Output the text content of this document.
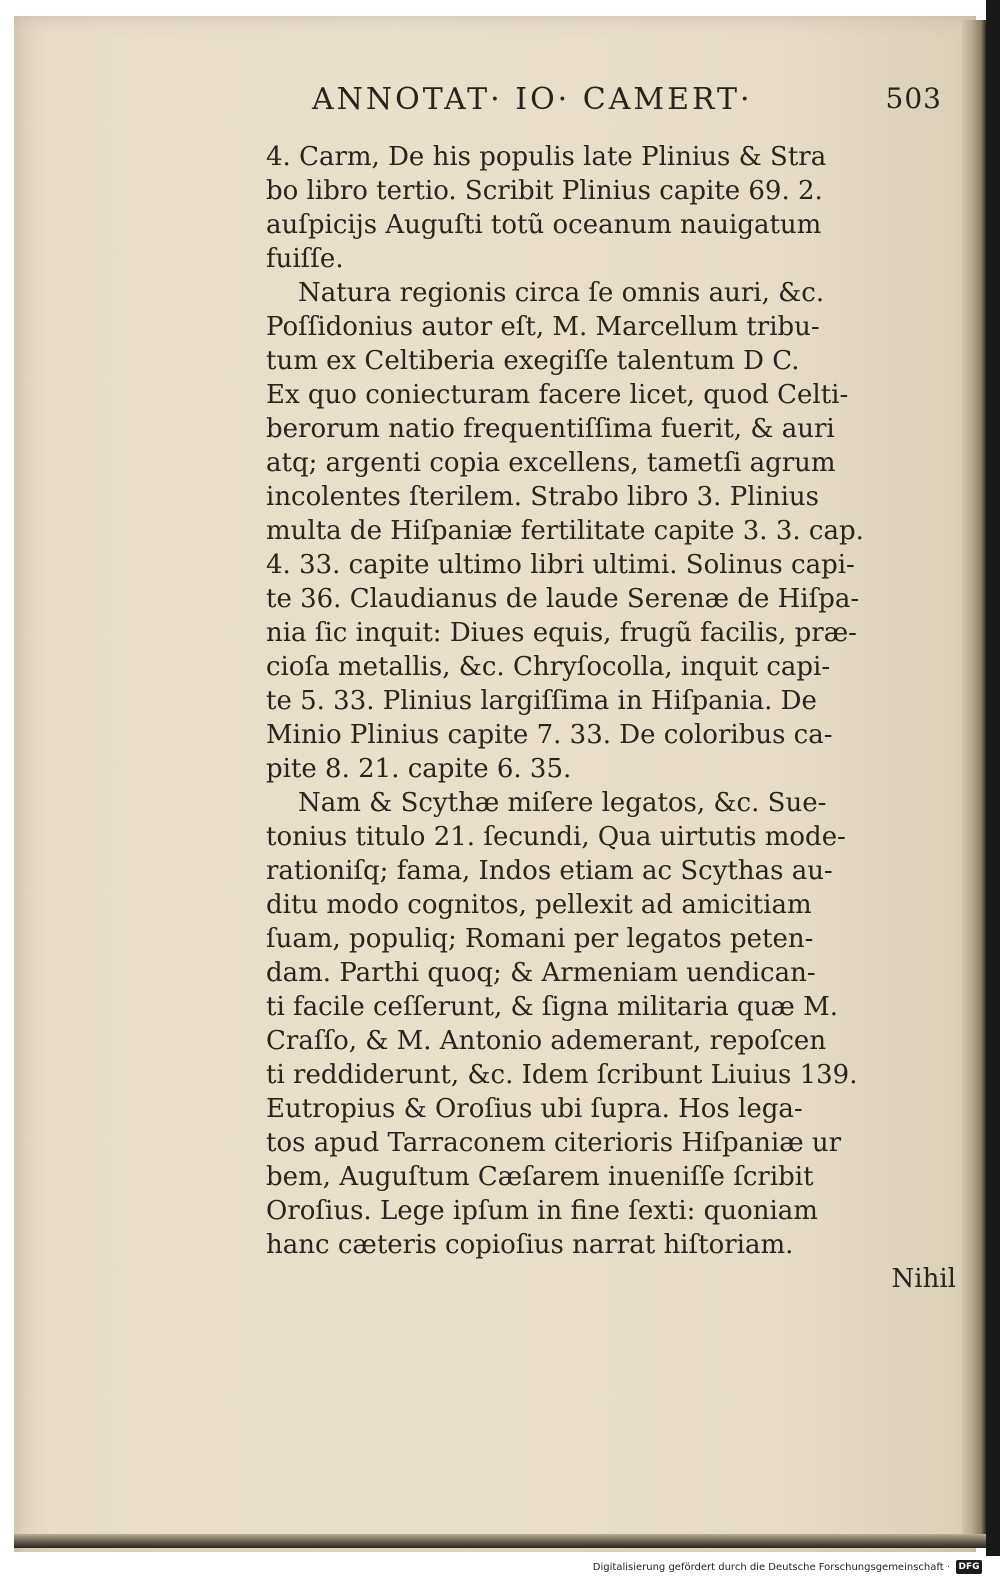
ANNOTAT· IO· CAMERT·	503
4. Carm, De his populis late Plinius & Stra
bo libro tertio. Scribit Plinius capite 69. 2.
auſpicijs Auguſti totũ oceanum nauigatum
fuiſſe.
Natura regionis circa ſe omnis auri, &c.
Poſſidonius autor eſt, M. Marcellum tribu-
tum ex Celtiberia exegiſſe talentum D C.
Ex quo coniecturam facere licet, quod Celti-
berorum natio frequentiſſima fuerit, & auri
atq; argenti copia excellens, tametſi agrum
incolentes ſterilem. Strabo libro 3. Plinius
multa de Hiſpaniæ fertilitate capite 3. 3. cap.
4. 33. capite ultimo libri ultimi. Solinus capi-
te 36. Claudianus de laude Serenæ de Hiſpa-
nia ſic inquit: Diues equis, frugũ facilis, præ-
cioſa metallis, &c. Chryſocolla, inquit capi-
te 5. 33. Plinius largiſſima in Hiſpania. De
Minio Plinius capite 7. 33. De coloribus ca-
pite 8. 21. capite 6. 35.
Nam & Scythæ miſere legatos, &c. Sue-
tonius titulo 21. ſecundi, Qua uirtutis mode-
rationiſq; fama, Indos etiam ac Scythas au-
ditu modo cognitos, pellexit ad amicitiam
ſuam, populiq; Romani per legatos peten-
dam. Parthi quoq; & Armeniam uendican-
ti facile ceſſerunt, & ſigna militaria quæ M.
Craſſo, & M. Antonio ademerant, repoſcen
ti reddiderunt, &c. Idem ſcribunt Liuius 139.
Eutropius & Oroſius ubi ſupra. Hos lega-
tos apud Tarraconem citerioris Hiſpaniæ ur
bem, Auguſtum Cæſarem inueniſſe ſcribit
Oroſius. Lege ipſum in fine ſexti: quoniam
hanc cæteris copioſius narrat hiſtoriam.
Nihil
Digitalisierung gefördert durch die Deutsche Forschungsgemeinschaft · DFG
